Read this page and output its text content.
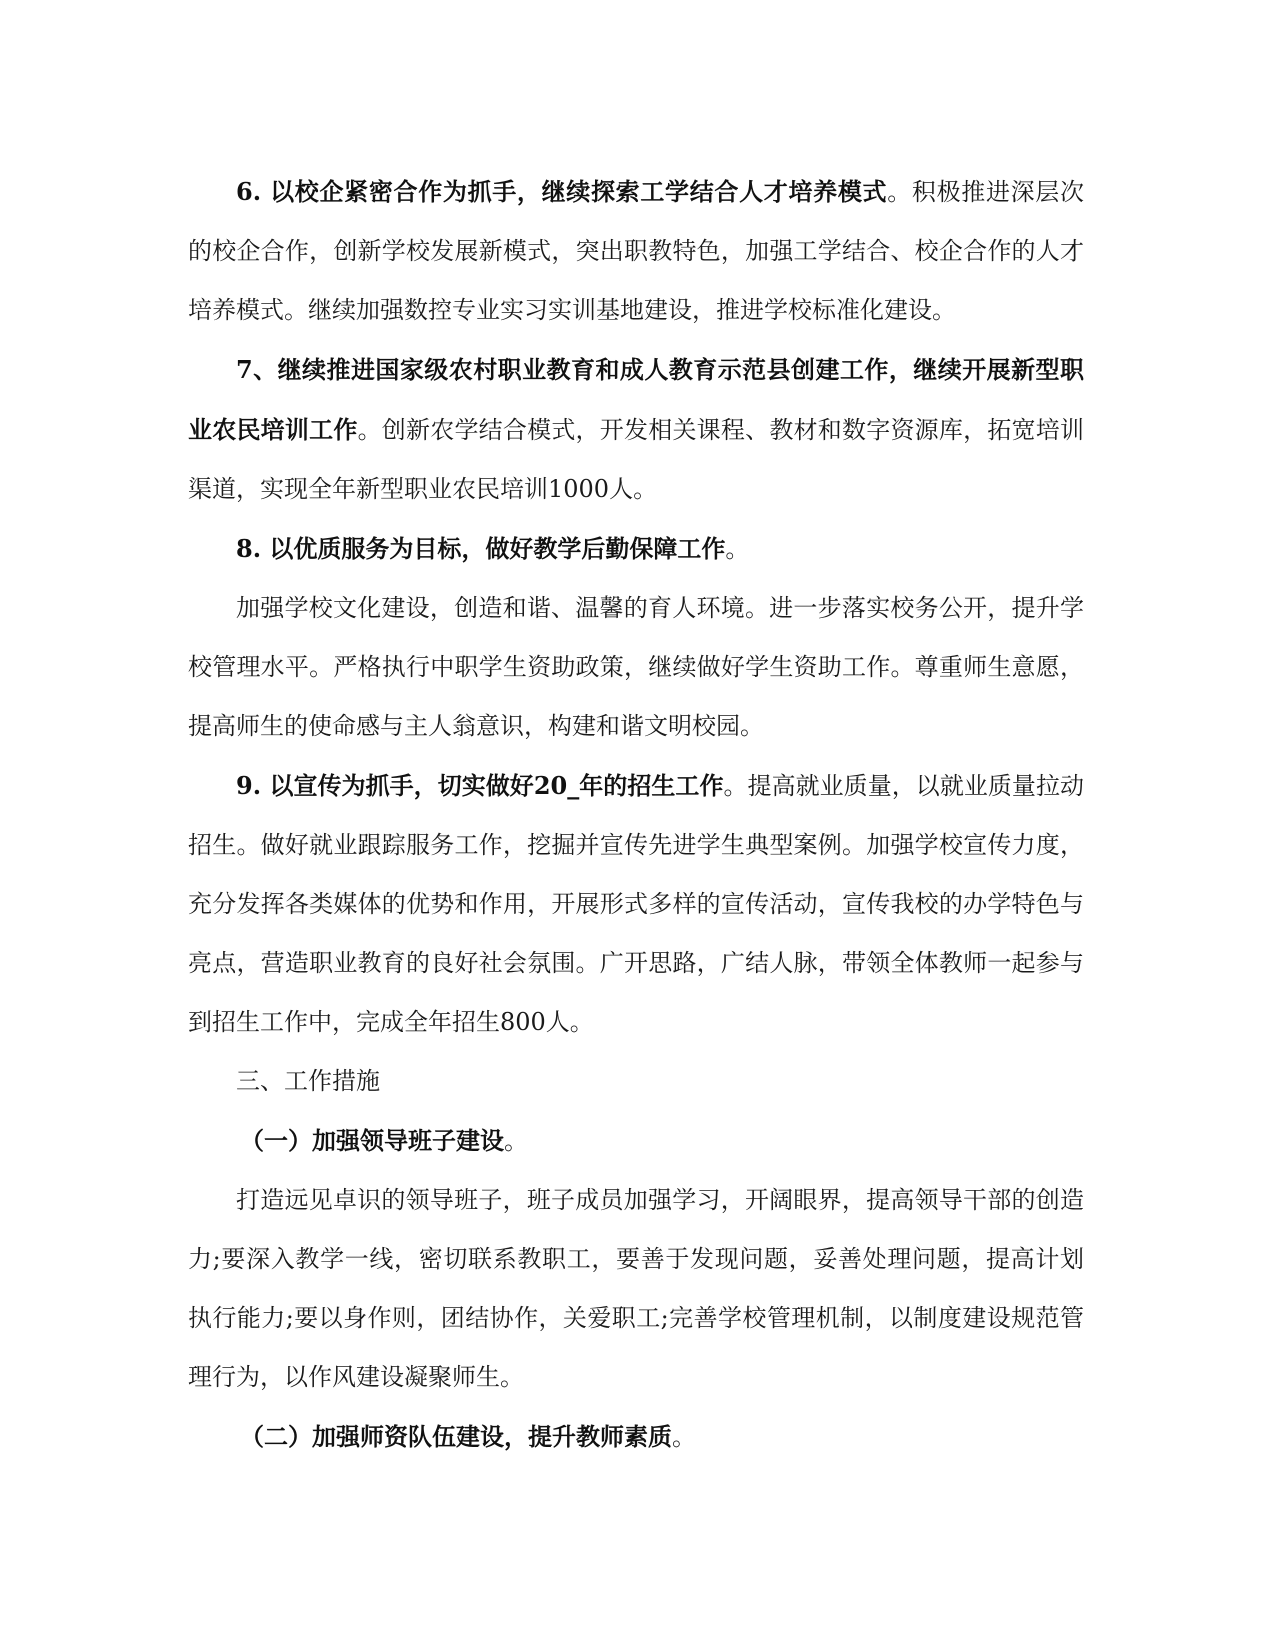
6. 以校企紧密合作为抓手，继续探索工学结合人才培养模式。积极推进深层次的校企合作，创新学校发展新模式，突出职教特色，加强工学结合、校企合作的人才培养模式。继续加强数控专业实习实训基地建设，推进学校标准化建设。

7、继续推进国家级农村职业教育和成人教育示范县创建工作，继续开展新型职业农民培训工作。创新农学结合模式，开发相关课程、教材和数字资源库，拓宽培训渠道，实现全年新型职业农民培训1000人。

8. 以优质服务为目标，做好教学后勤保障工作。

加强学校文化建设，创造和谐、温馨的育人环境。进一步落实校务公开，提升学校管理水平。严格执行中职学生资助政策，继续做好学生资助工作。尊重师生意愿，提高师生的使命感与主人翁意识，构建和谐文明校园。

9. 以宣传为抓手，切实做好20_年的招生工作。提高就业质量，以就业质量拉动招生。做好就业跟踪服务工作，挖掘并宣传先进学生典型案例。加强学校宣传力度，充分发挥各类媒体的优势和作用，开展形式多样的宣传活动，宣传我校的办学特色与亮点，营造职业教育的良好社会氛围。广开思路，广结人脉，带领全体教师一起参与到招生工作中，完成全年招生800人。

三、工作措施

（一）加强领导班子建设。

打造远见卓识的领导班子，班子成员加强学习，开阔眼界，提高领导干部的创造力;要深入教学一线，密切联系教职工，要善于发现问题，妥善处理问题，提高计划执行能力;要以身作则，团结协作，关爱职工;完善学校管理机制，以制度建设规范管理行为，以作风建设凝聚师生。

（二）加强师资队伍建设，提升教师素质。
